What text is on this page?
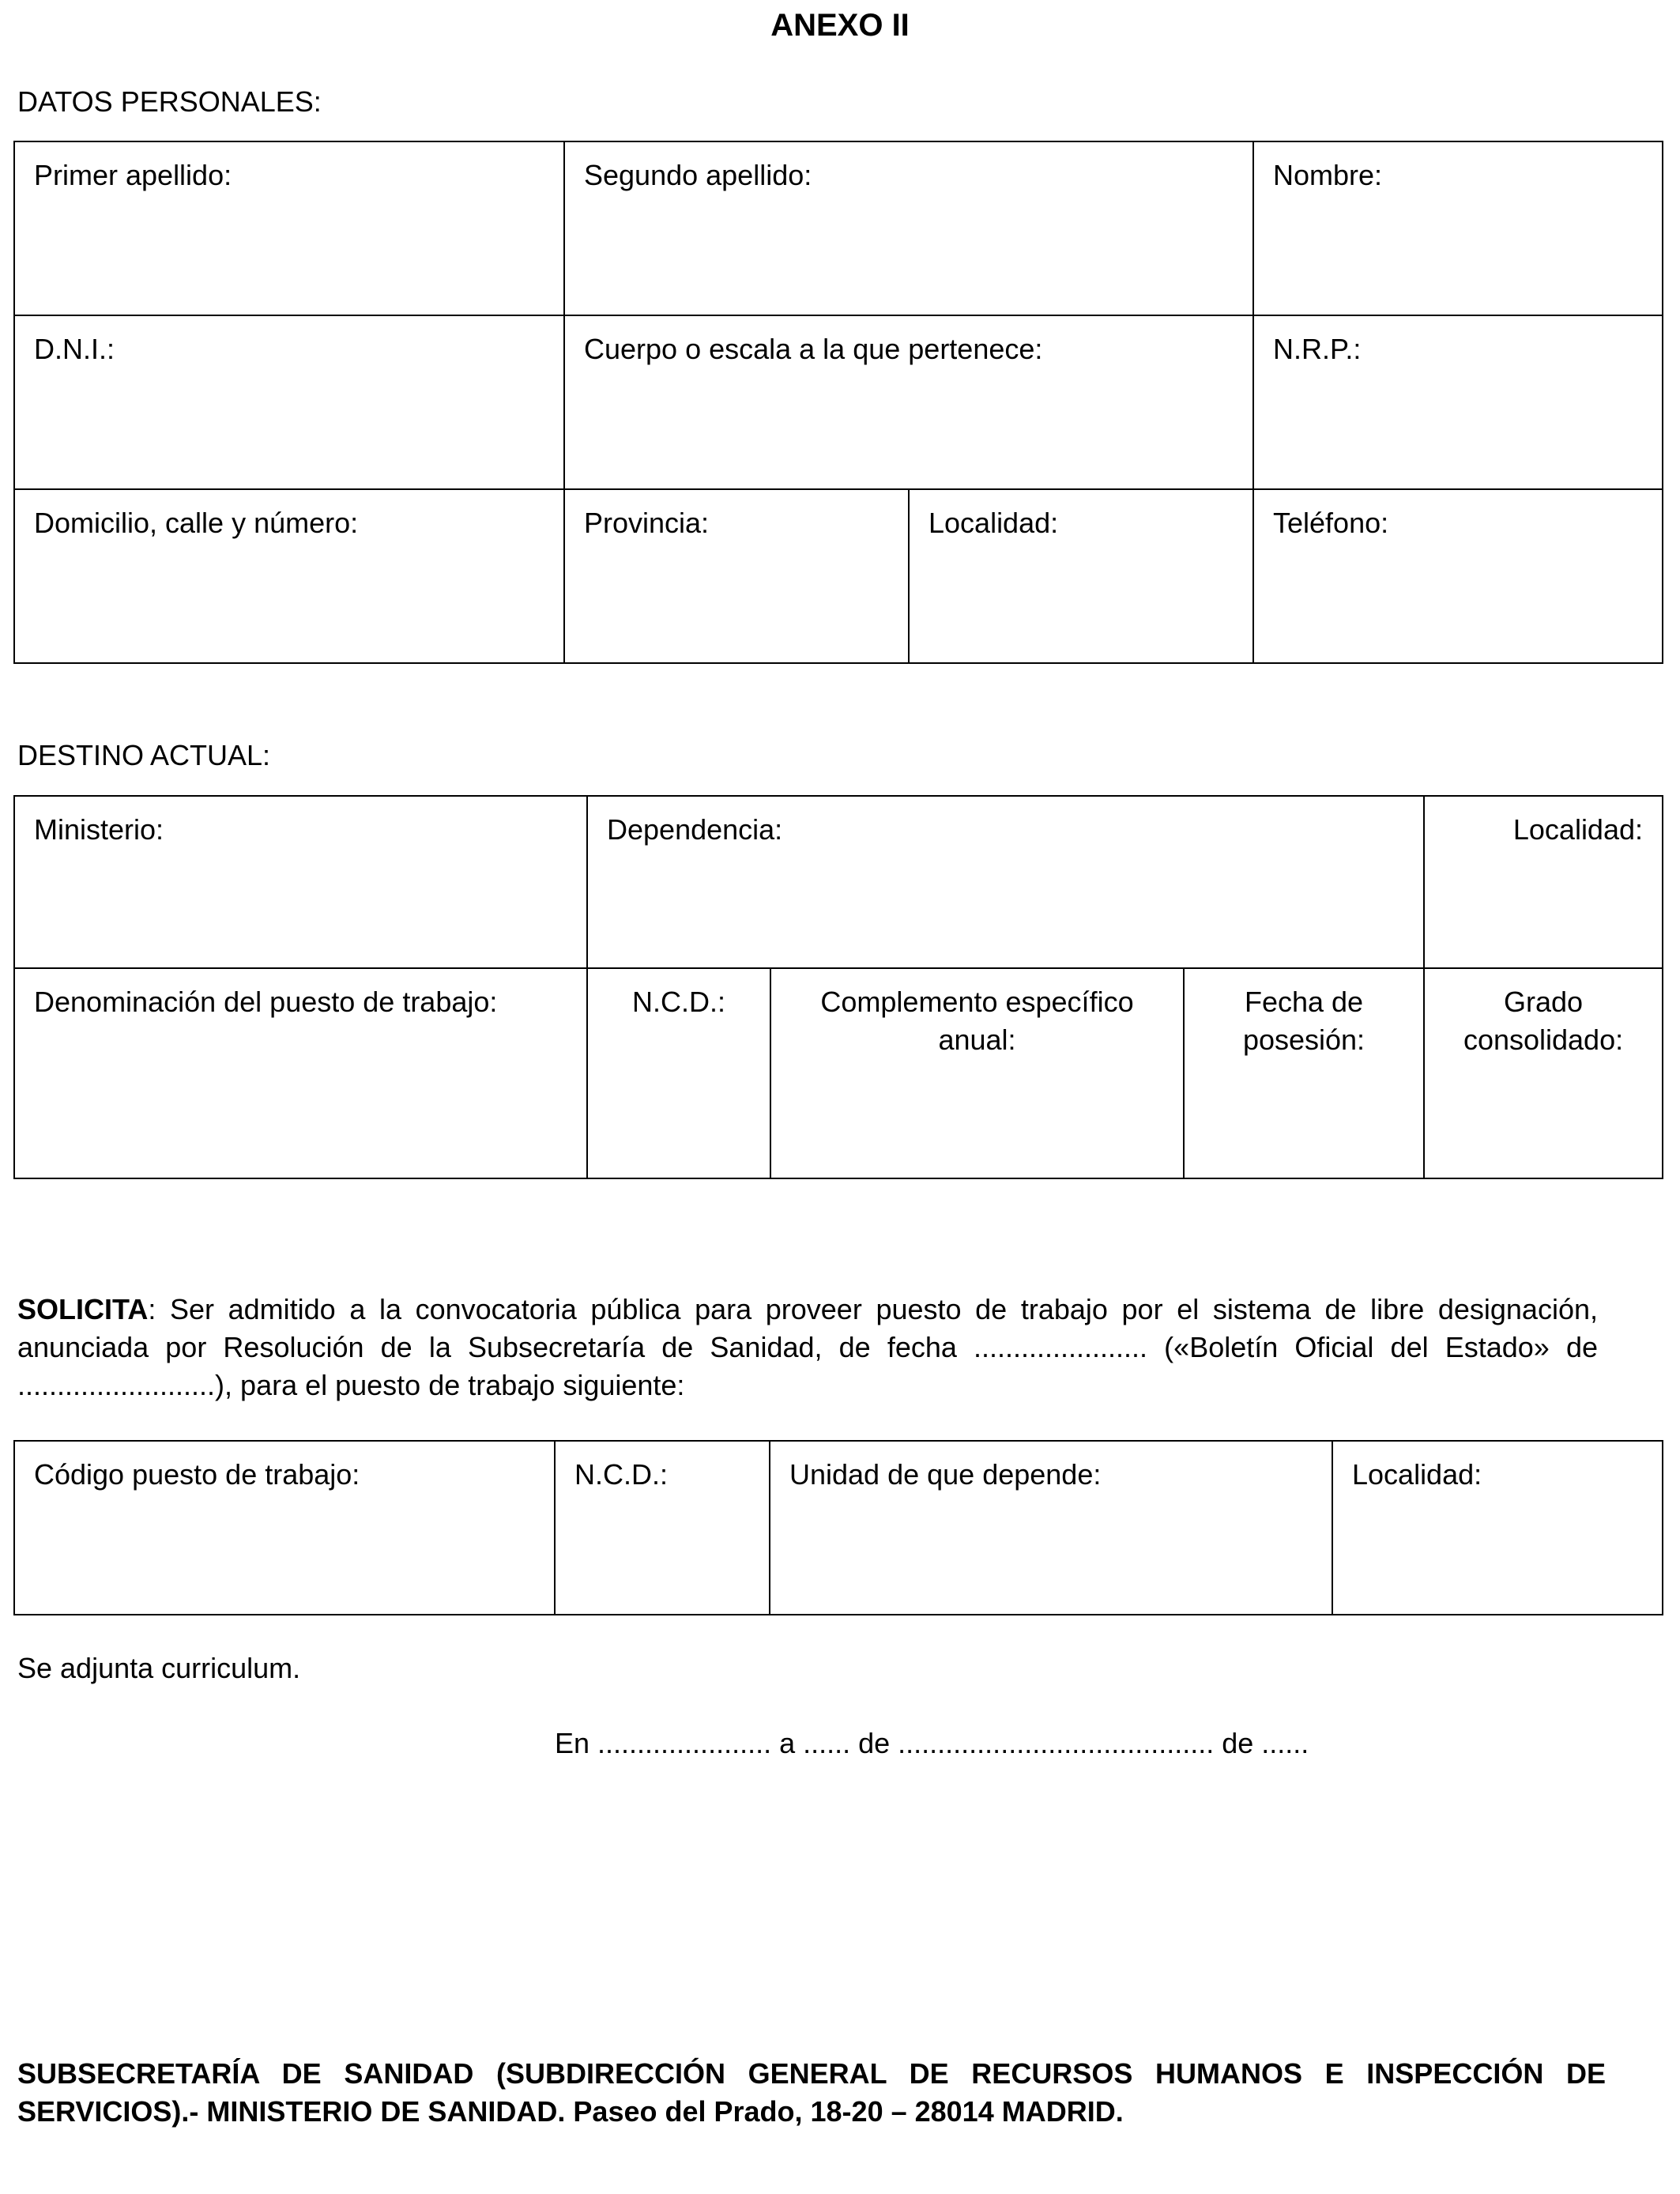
ANEXO II
DATOS PERSONALES:
Primer apellido:	Segundo apellido:		Nombre:
D.N.I.:	Cuerpo o escala a la que pertenece:		N.R.P.:
Domicilio, calle y número:	Provincia:	Localidad:	Teléfono:
DESTINO ACTUAL:
Ministerio:	Dependencia:			Localidad:
Denominación del puesto de trabajo:	N.C.D.:	Complemento específico anual:	Fecha de posesión:	Grado consolidado:
SOLICITA: Ser admitido a la convocatoria pública para proveer puesto de trabajo por el sistema de libre designación, anunciada por Resolución de la Subsecretaría de Sanidad, de fecha ...................... («Boletín Oficial del Estado» de .........................), para el puesto de trabajo siguiente:
Código puesto de trabajo:	N.C.D.:	Unidad de que depende:	Localidad:
Se adjunta curriculum.
En ...................... a ...... de ........................................ de ......
SUBSECRETARÍA DE SANIDAD (SUBDIRECCIÓN GENERAL DE RECURSOS HUMANOS E INSPECCIÓN DE SERVICIOS).- MINISTERIO DE SANIDAD. Paseo del Prado, 18-20 – 28014 MADRID.
